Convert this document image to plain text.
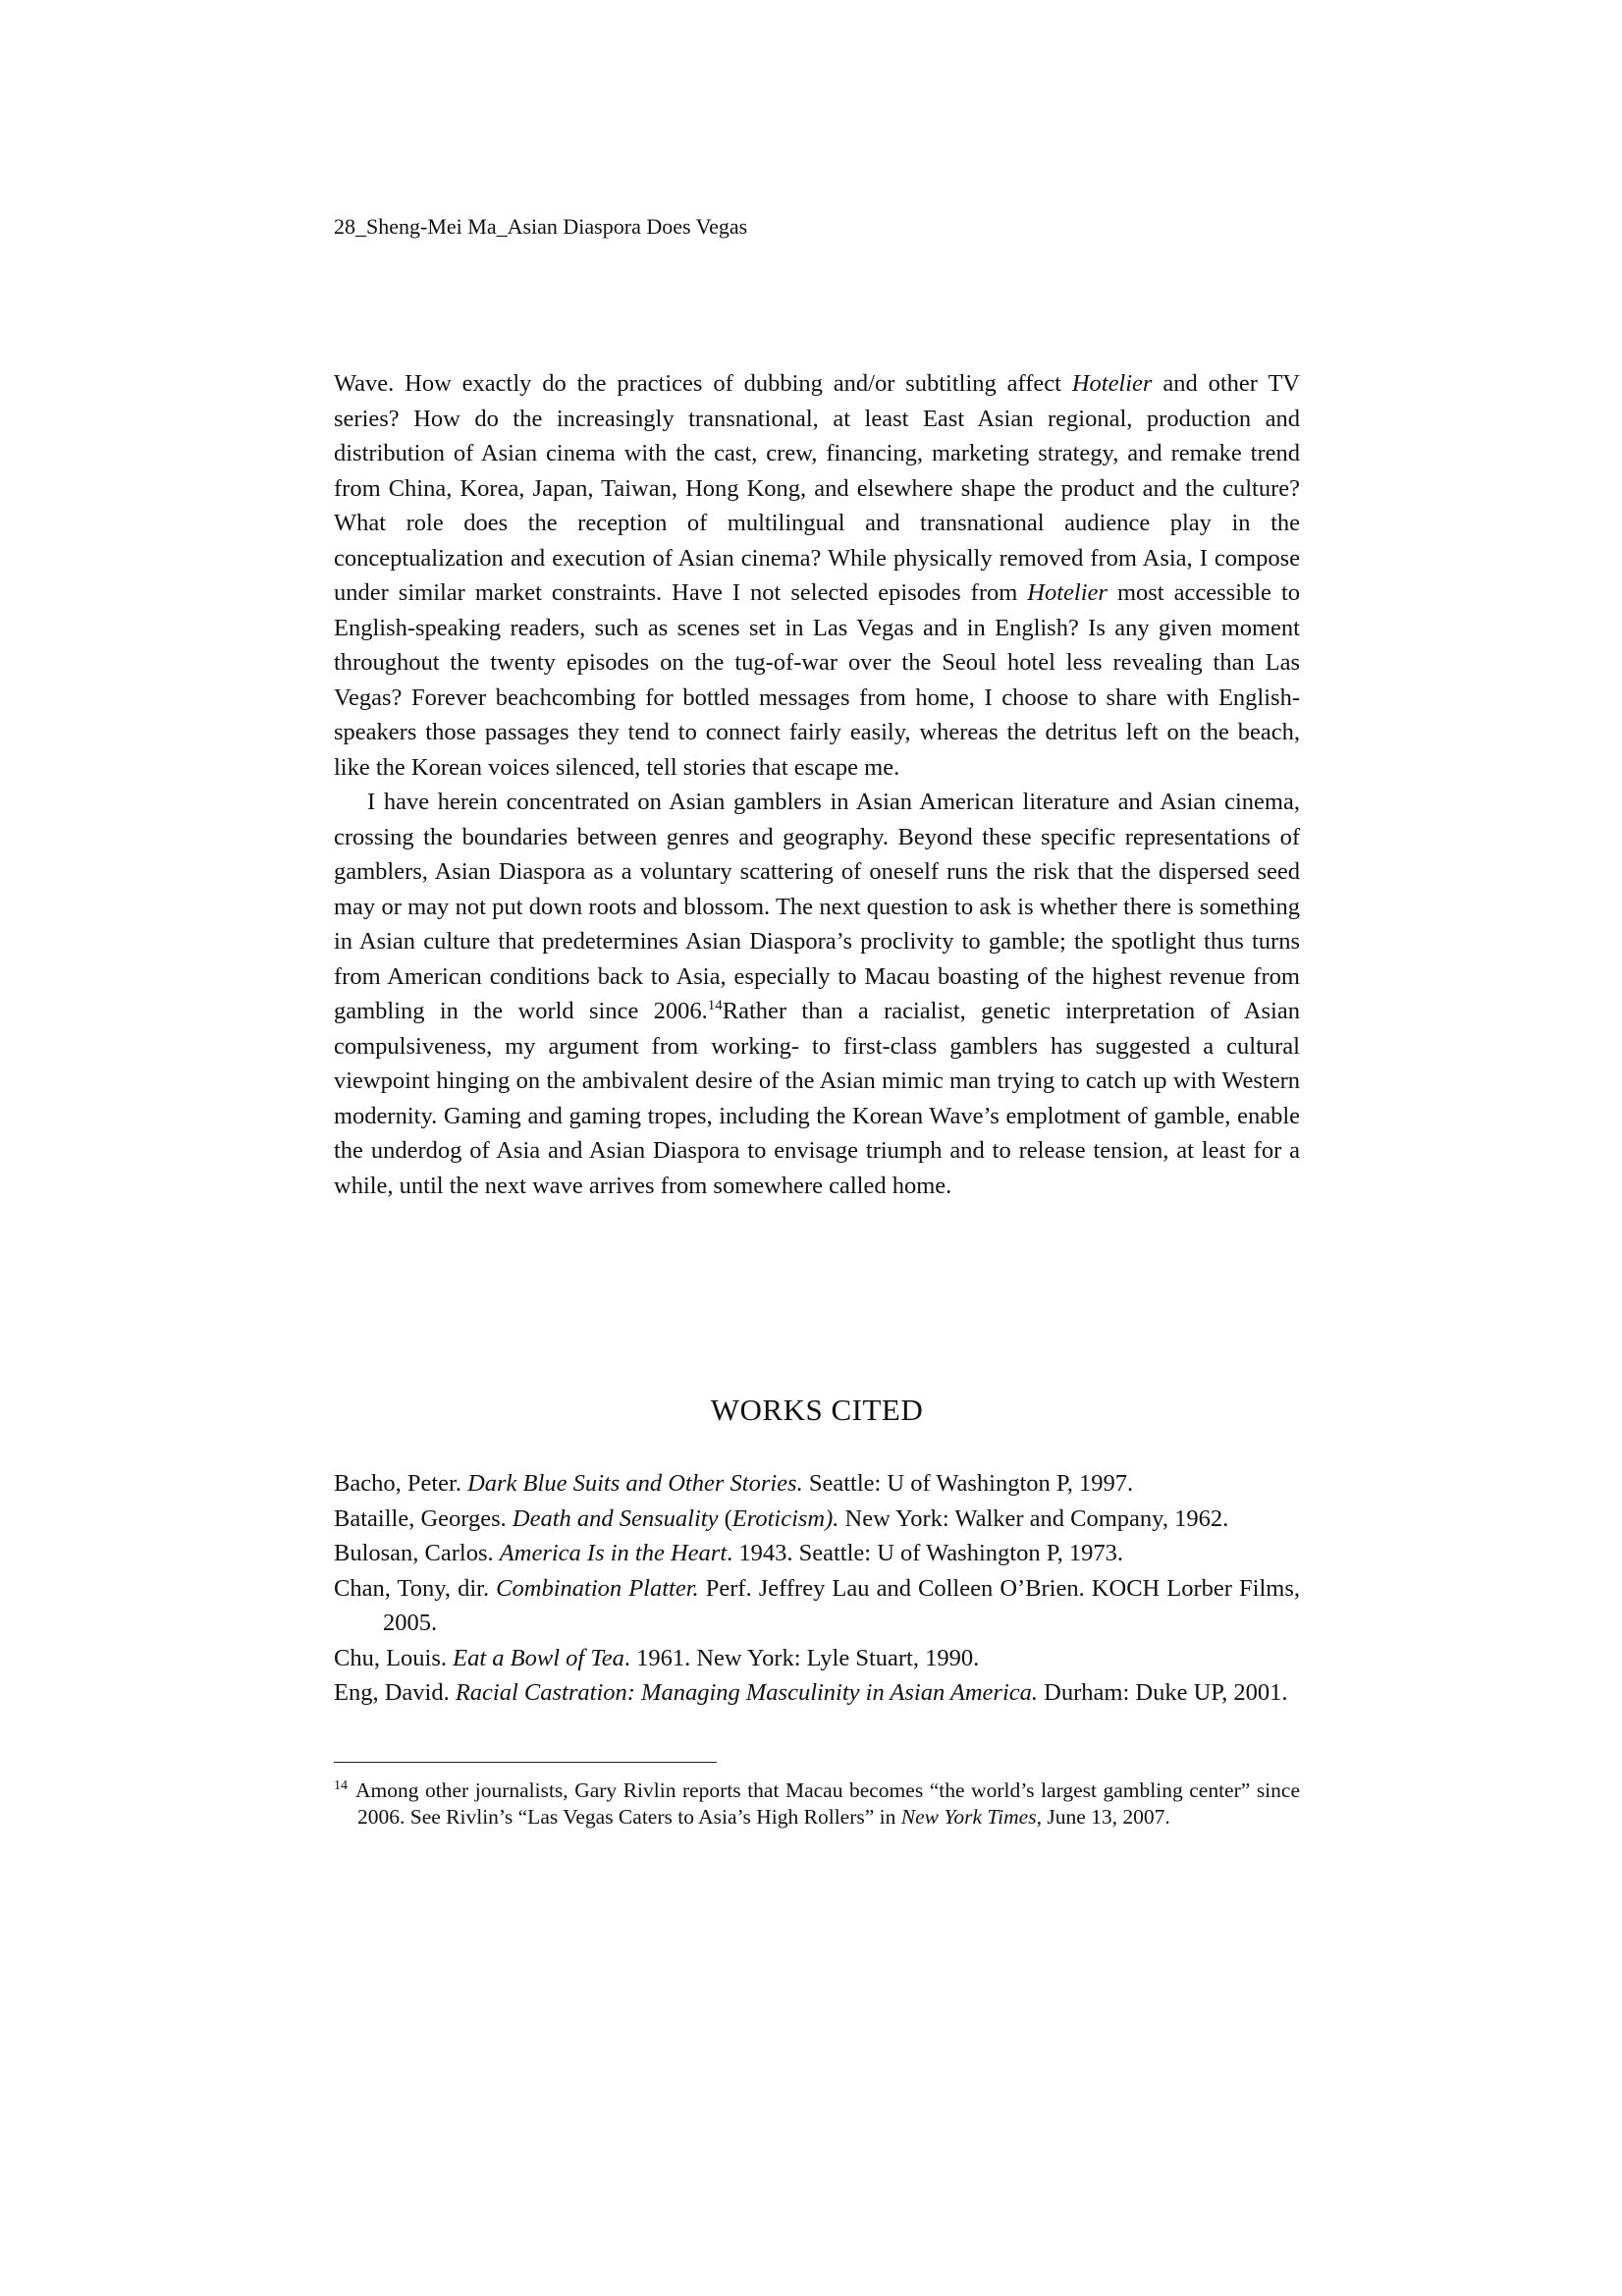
28_Sheng-Mei Ma_Asian Diaspora Does Vegas

Wave. How exactly do the practices of dubbing and/or subtitling affect Hotelier and other TV series? How do the increasingly transnational, at least East Asian regional, production and distribution of Asian cinema with the cast, crew, financing, marketing strategy, and remake trend from China, Korea, Japan, Taiwan, Hong Kong, and elsewhere shape the product and the culture? What role does the reception of multilingual and transnational audience play in the conceptualization and execution of Asian cinema? While physically removed from Asia, I compose under similar market constraints. Have I not selected episodes from Hotelier most accessible to English-speaking readers, such as scenes set in Las Vegas and in English? Is any given moment throughout the twenty episodes on the tug-of-war over the Seoul hotel less revealing than Las Vegas? Forever beachcombing for bottled messages from home, I choose to share with English-speakers those passages they tend to connect fairly easily, whereas the detritus left on the beach, like the Korean voices silenced, tell stories that escape me.

I have herein concentrated on Asian gamblers in Asian American literature and Asian cinema, crossing the boundaries between genres and geography. Beyond these specific representations of gamblers, Asian Diaspora as a voluntary scattering of oneself runs the risk that the dispersed seed may or may not put down roots and blossom. The next question to ask is whether there is something in Asian culture that predetermines Asian Diaspora’s proclivity to gamble; the spotlight thus turns from American conditions back to Asia, especially to Macau boasting of the highest revenue from gambling in the world since 2006.14Rather than a racialist, genetic interpretation of Asian compulsiveness, my argument from working- to first-class gamblers has suggested a cultural viewpoint hinging on the ambivalent desire of the Asian mimic man trying to catch up with Western modernity. Gaming and gaming tropes, including the Korean Wave’s emplotment of gamble, enable the underdog of Asia and Asian Diaspora to envisage triumph and to release tension, at least for a while, until the next wave arrives from somewhere called home.

WORKS CITED
Bacho, Peter. Dark Blue Suits and Other Stories. Seattle: U of Washington P, 1997.
Bataille, Georges. Death and Sensuality (Eroticism). New York: Walker and Company, 1962.
Bulosan, Carlos. America Is in the Heart. 1943. Seattle: U of Washington P, 1973.
Chan, Tony, dir. Combination Platter. Perf. Jeffrey Lau and Colleen O’Brien. KOCH Lorber Films, 2005.
Chu, Louis. Eat a Bowl of Tea. 1961. New York: Lyle Stuart, 1990.
Eng, David. Racial Castration: Managing Masculinity in Asian America. Durham: Duke UP, 2001.
$^{14}$ Among other journalists, Gary Rivlin reports that Macau becomes “the world’s largest gambling center” since 2006. See Rivlin’s “Las Vegas Caters to Asia’s High Rollers” in New York Times, June 13, 2007.
